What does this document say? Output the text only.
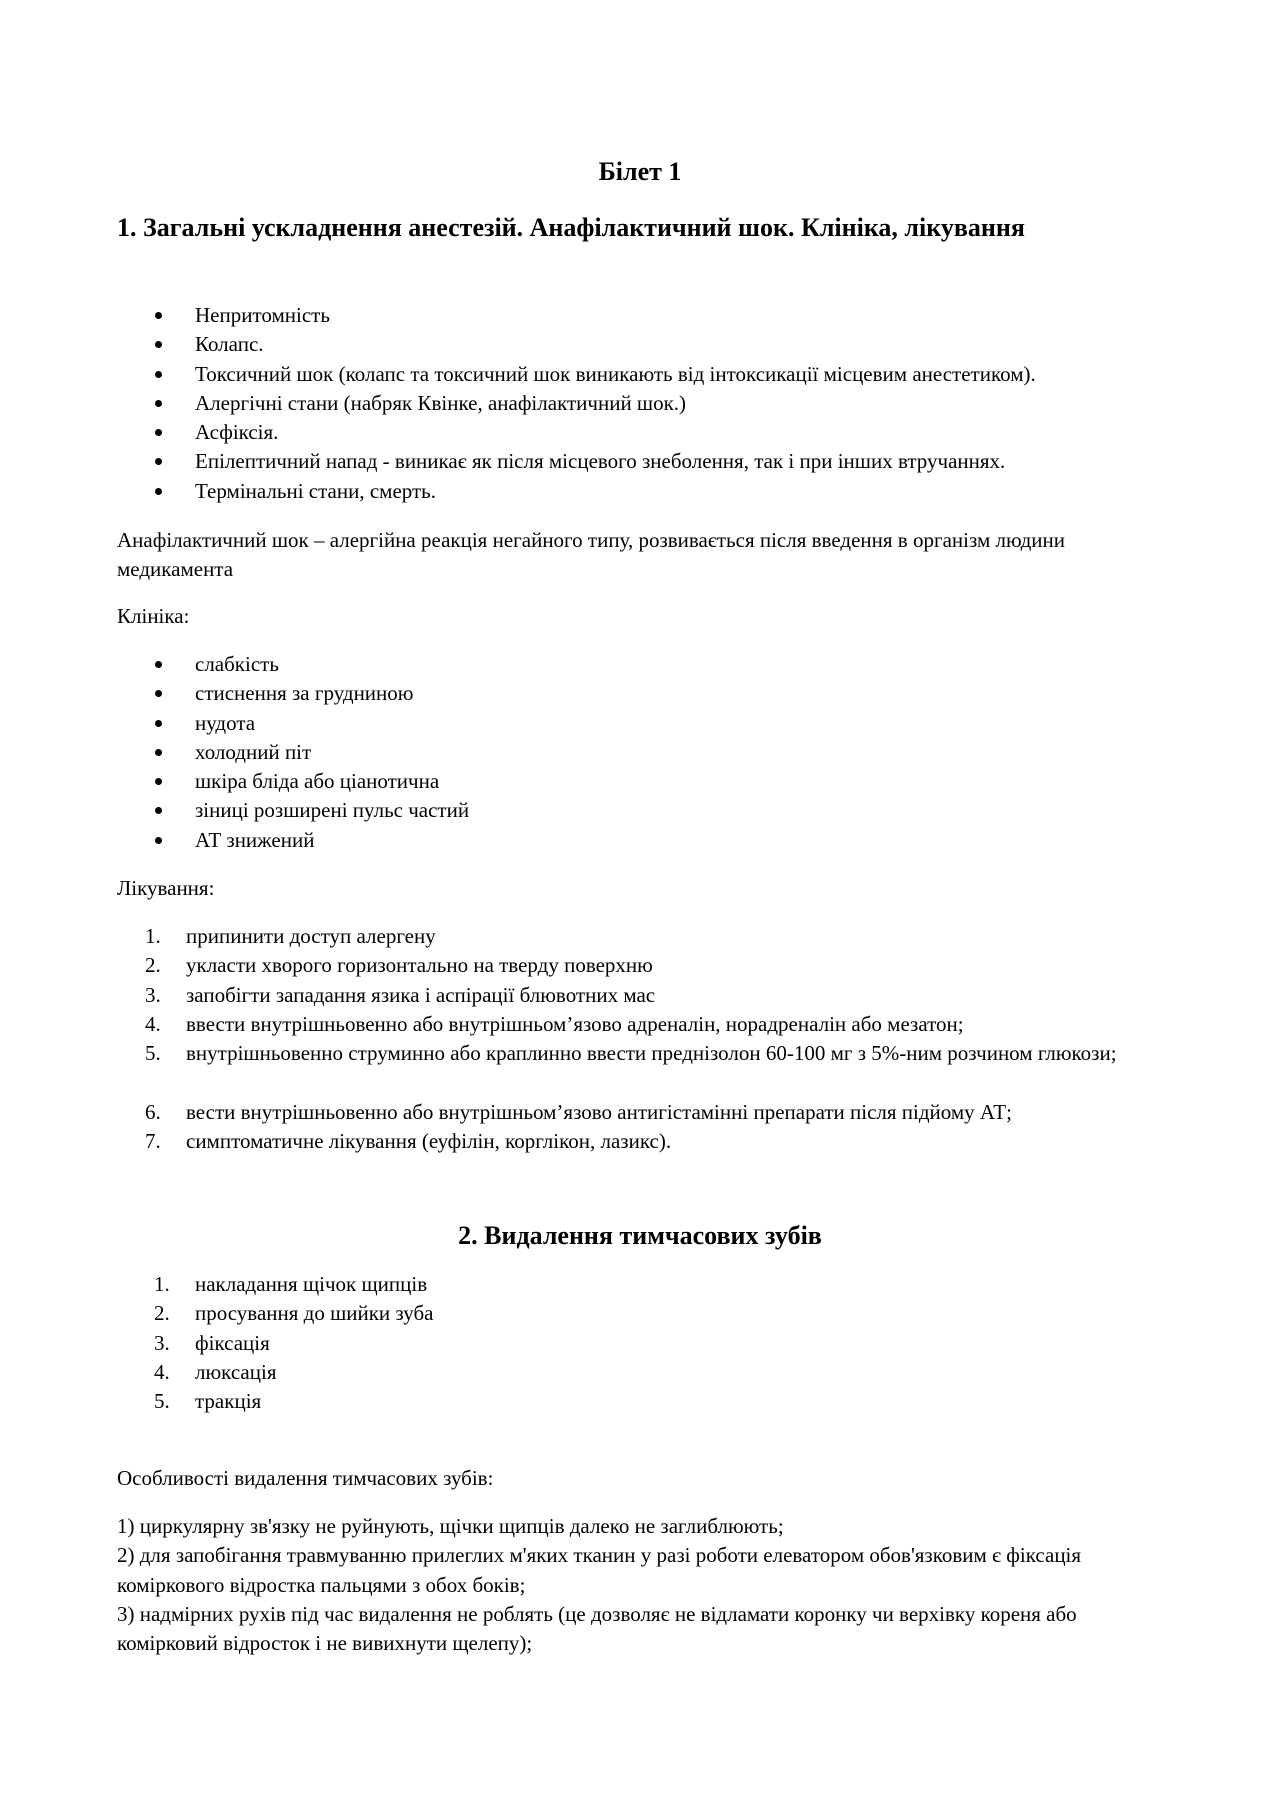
Білет 1
1. Загальні ускладнення анестезій. Анафілактичний шок. Клініка, лікування
Непритомність
Колапс.
Токсичний шок (колапс та токсичний шок виникають від інтоксикації місцевим анестетиком).
Алергічні стани (набряк Квінке, анафілактичний шок.)
Асфіксія.
Епілептичний напад - виникає як після місцевого знеболення, так і при інших втручаннях.
Термінальні стани, смерть.

Анафілактичний шок – алергійна реакція негайного типу, розвивається після введення в організм людини медикамента

Клініка:

слабкість
стиснення за грудниною
нудота
холодний піт
шкіра бліда або ціанотична
зіниці розширені пульс частий
АТ знижений

Лікування:

1. припинити доступ алергену
2. укласти хворого горизонтально на тверду поверхню
3. запобігти западання язика і аспірації блювотних мас
4. ввести внутрішньовенно або внутрішньом’язово адреналін, норадреналін або мезатон;
5. внутрішньовенно струминно або краплинно ввести преднізолон 60-100 мг з 5%-ним розчином глюкози;
6. вести внутрішньовенно або внутрішньом’язово антигістамінні препарати після підйому АТ;
7. симптоматичне лікування (еуфілін, корглікон, лазикс).
2. Видалення тимчасових зубів
1. накладання щічок щипців
2. просування до шийки зуба
3. фіксація
4. люксація
5. тракція

Особливості видалення тимчасових зубів:

1) циркулярну зв'язку не руйнують, щічки щипців далеко не заглиблюють;
2) для запобігання травмуванню прилеглих м'яких тканин у разі роботи елеватором обов'язковим є фіксація коміркового відростка пальцями з обох боків;
3) надмірних рухів під час видалення не роблять (це дозволяє не відламати коронку чи верхівку кореня або комірковий відросток і не вивихнути щелепу);
